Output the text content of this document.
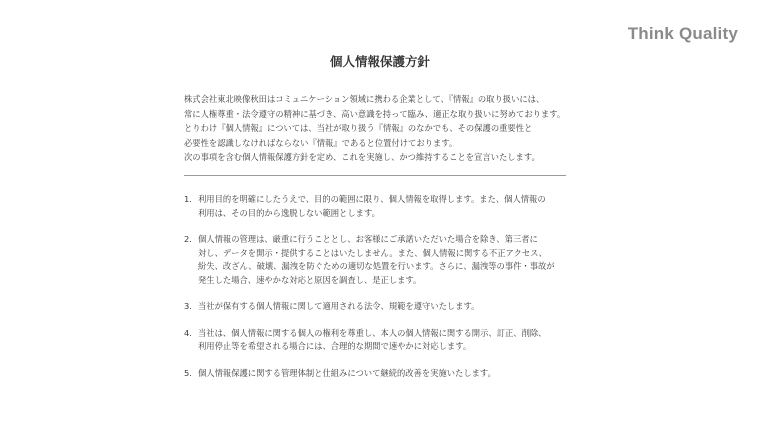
Think Quality
個人情報保護方針

株式会社東北映像秋田はコミュニケーション領域に携わる企業として、『情報』の取り扱いには、

常に人権尊重・法令遵守の精神に基づき、高い意識を持って臨み、適正な取り扱いに努めております。

とりわけ『個人情報』については、当社が取り扱う『情報』のなかでも、その保護の重要性と

必要性を認識しなければならない『情報』であると位置付けております。

次の事項を含む個人情報保護方針を定め、これを実施し、かつ維持することを宣言いたします。

1. 利用目的を明確にしたうえで、目的の範囲に限り、個人情報を取得します。また、個人情報の

利用は、その目的から逸脱しない範囲とします。

2. 個人情報の管理は、厳重に行うこととし、お客様にご承諾いただいた場合を除き、第三者に

対し、データを開示・提供することはいたしません。また、個人情報に関する不正アクセス、

紛失、改ざん、破壊、漏洩を防ぐための適切な処置を行います。さらに、漏洩等の事件・事故が

発生した場合、速やかな対応と原因を調査し、是正します。

3. 当社が保有する個人情報に関して適用される法令、規範を遵守いたします。

4. 当社は、個人情報に関する個人の権利を尊重し、本人の個人情報に関する開示、訂正、削除、

利用停止等を希望される場合には、合理的な期間で速やかに対応します。

5. 個人情報保護に関する管理体制と仕組みについて継続的改善を実施いたします。
